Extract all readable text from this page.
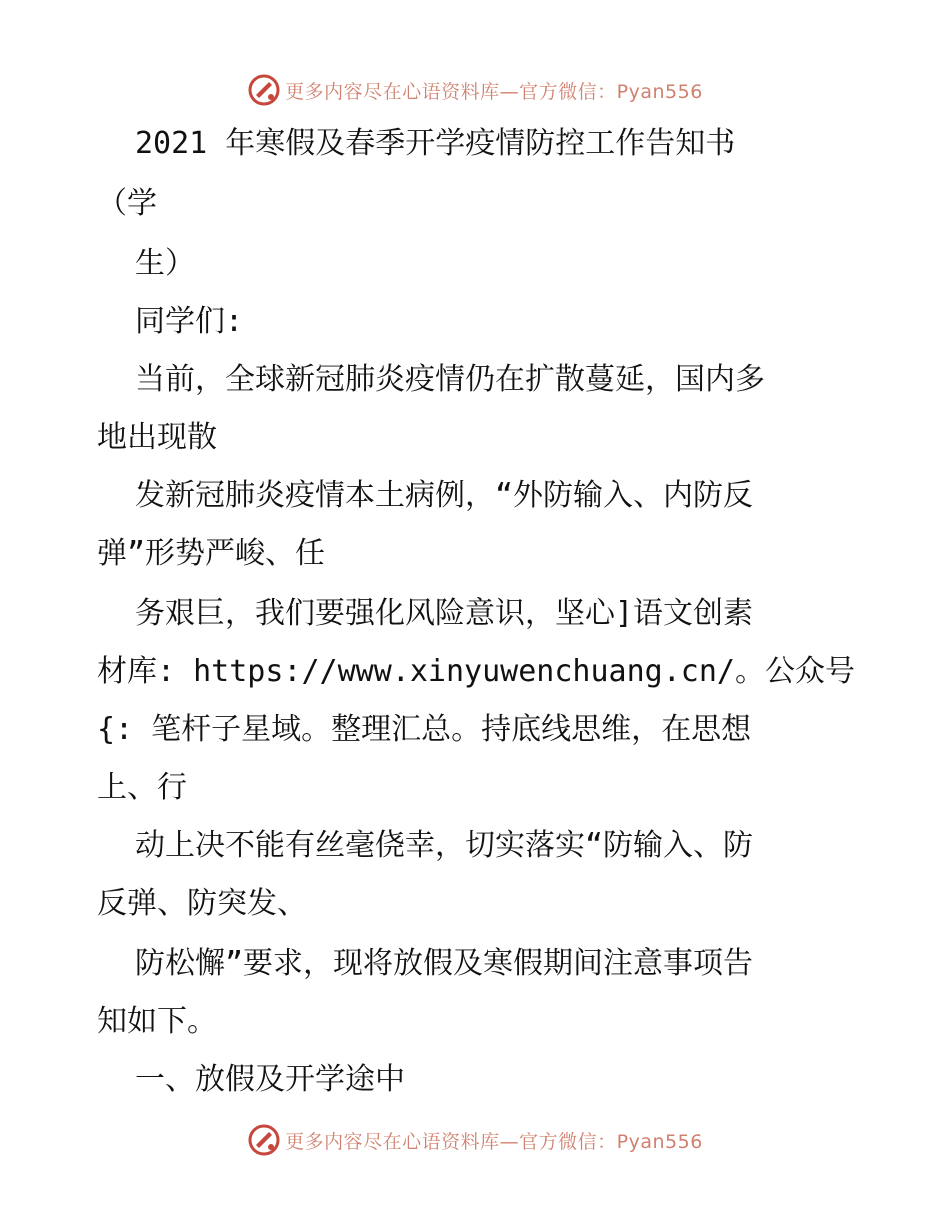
更多内容尽在心语资料库—官方微信：Pyan556
2021 年寒假及春季开学疫情防控工作告知书
（学
生）
同学们:
当前，全球新冠肺炎疫情仍在扩散蔓延，国内多
地出现散
发新冠肺炎疫情本土病例，“外防输入、内防反
弹”形势严峻、任
务艰巨，我们要强化风险意识，坚心]语文创素
材库: https://www.xinyuwenchuang.cn/。公众号
{: 笔杆子星域。整理汇总。持底线思维，在思想
上、行
动上决不能有丝毫侥幸，切实落实“防输入、防
反弹、防突发、
防松懈”要求，现将放假及寒假期间注意事项告
知如下。
一、放假及开学途中
更多内容尽在心语资料库—官方微信：Pyan556
